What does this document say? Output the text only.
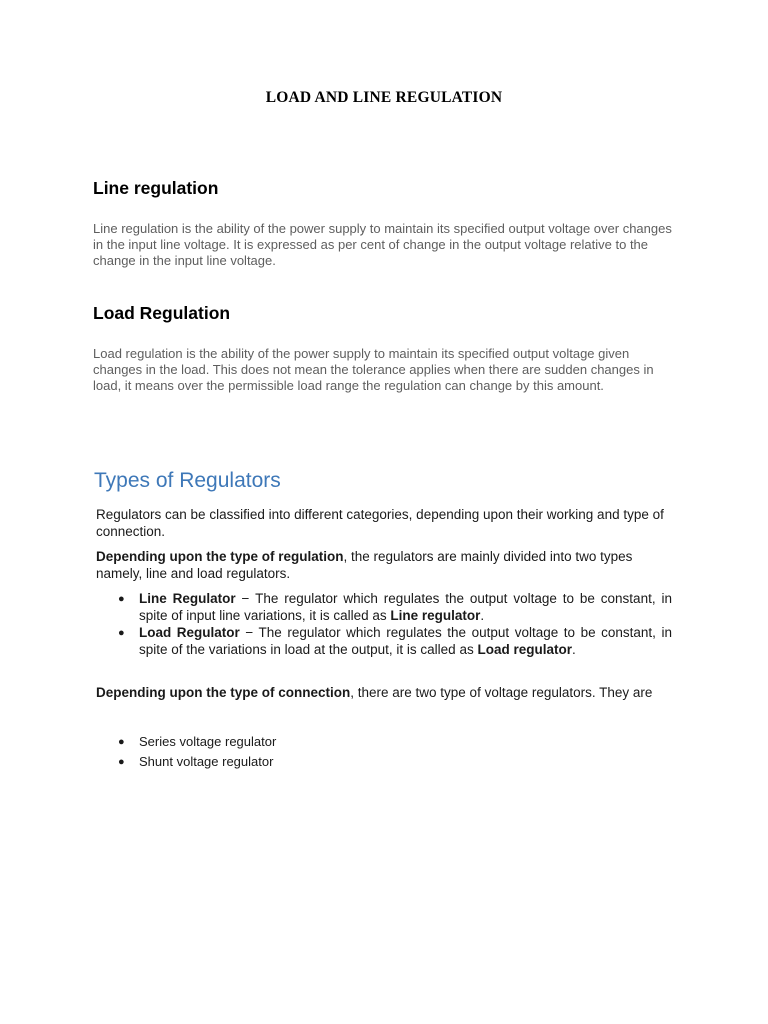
LOAD AND LINE REGULATION
Line regulation

Line regulation is the ability of the power supply to maintain its specified output voltage over changes in the input line voltage. It is expressed as per cent of change in the output voltage relative to the change in the input line voltage.

Load Regulation

Load regulation is the ability of the power supply to maintain its specified output voltage given changes in the load. This does not mean the tolerance applies when there are sudden changes in load, it means over the permissible load range the regulation can change by this amount.

Types of Regulators

Regulators can be classified into different categories, depending upon their working and type of connection.

Depending upon the type of regulation, the regulators are mainly divided into two types namely, line and load regulators.

● Line Regulator − The regulator which regulates the output voltage to be constant, in spite of input line variations, it is called as Line regulator.
● Load Regulator − The regulator which regulates the output voltage to be constant, in spite of the variations in load at the output, it is called as Load regulator.

Depending upon the type of connection, there are two type of voltage regulators. They are

● Series voltage regulator
● Shunt voltage regulator
